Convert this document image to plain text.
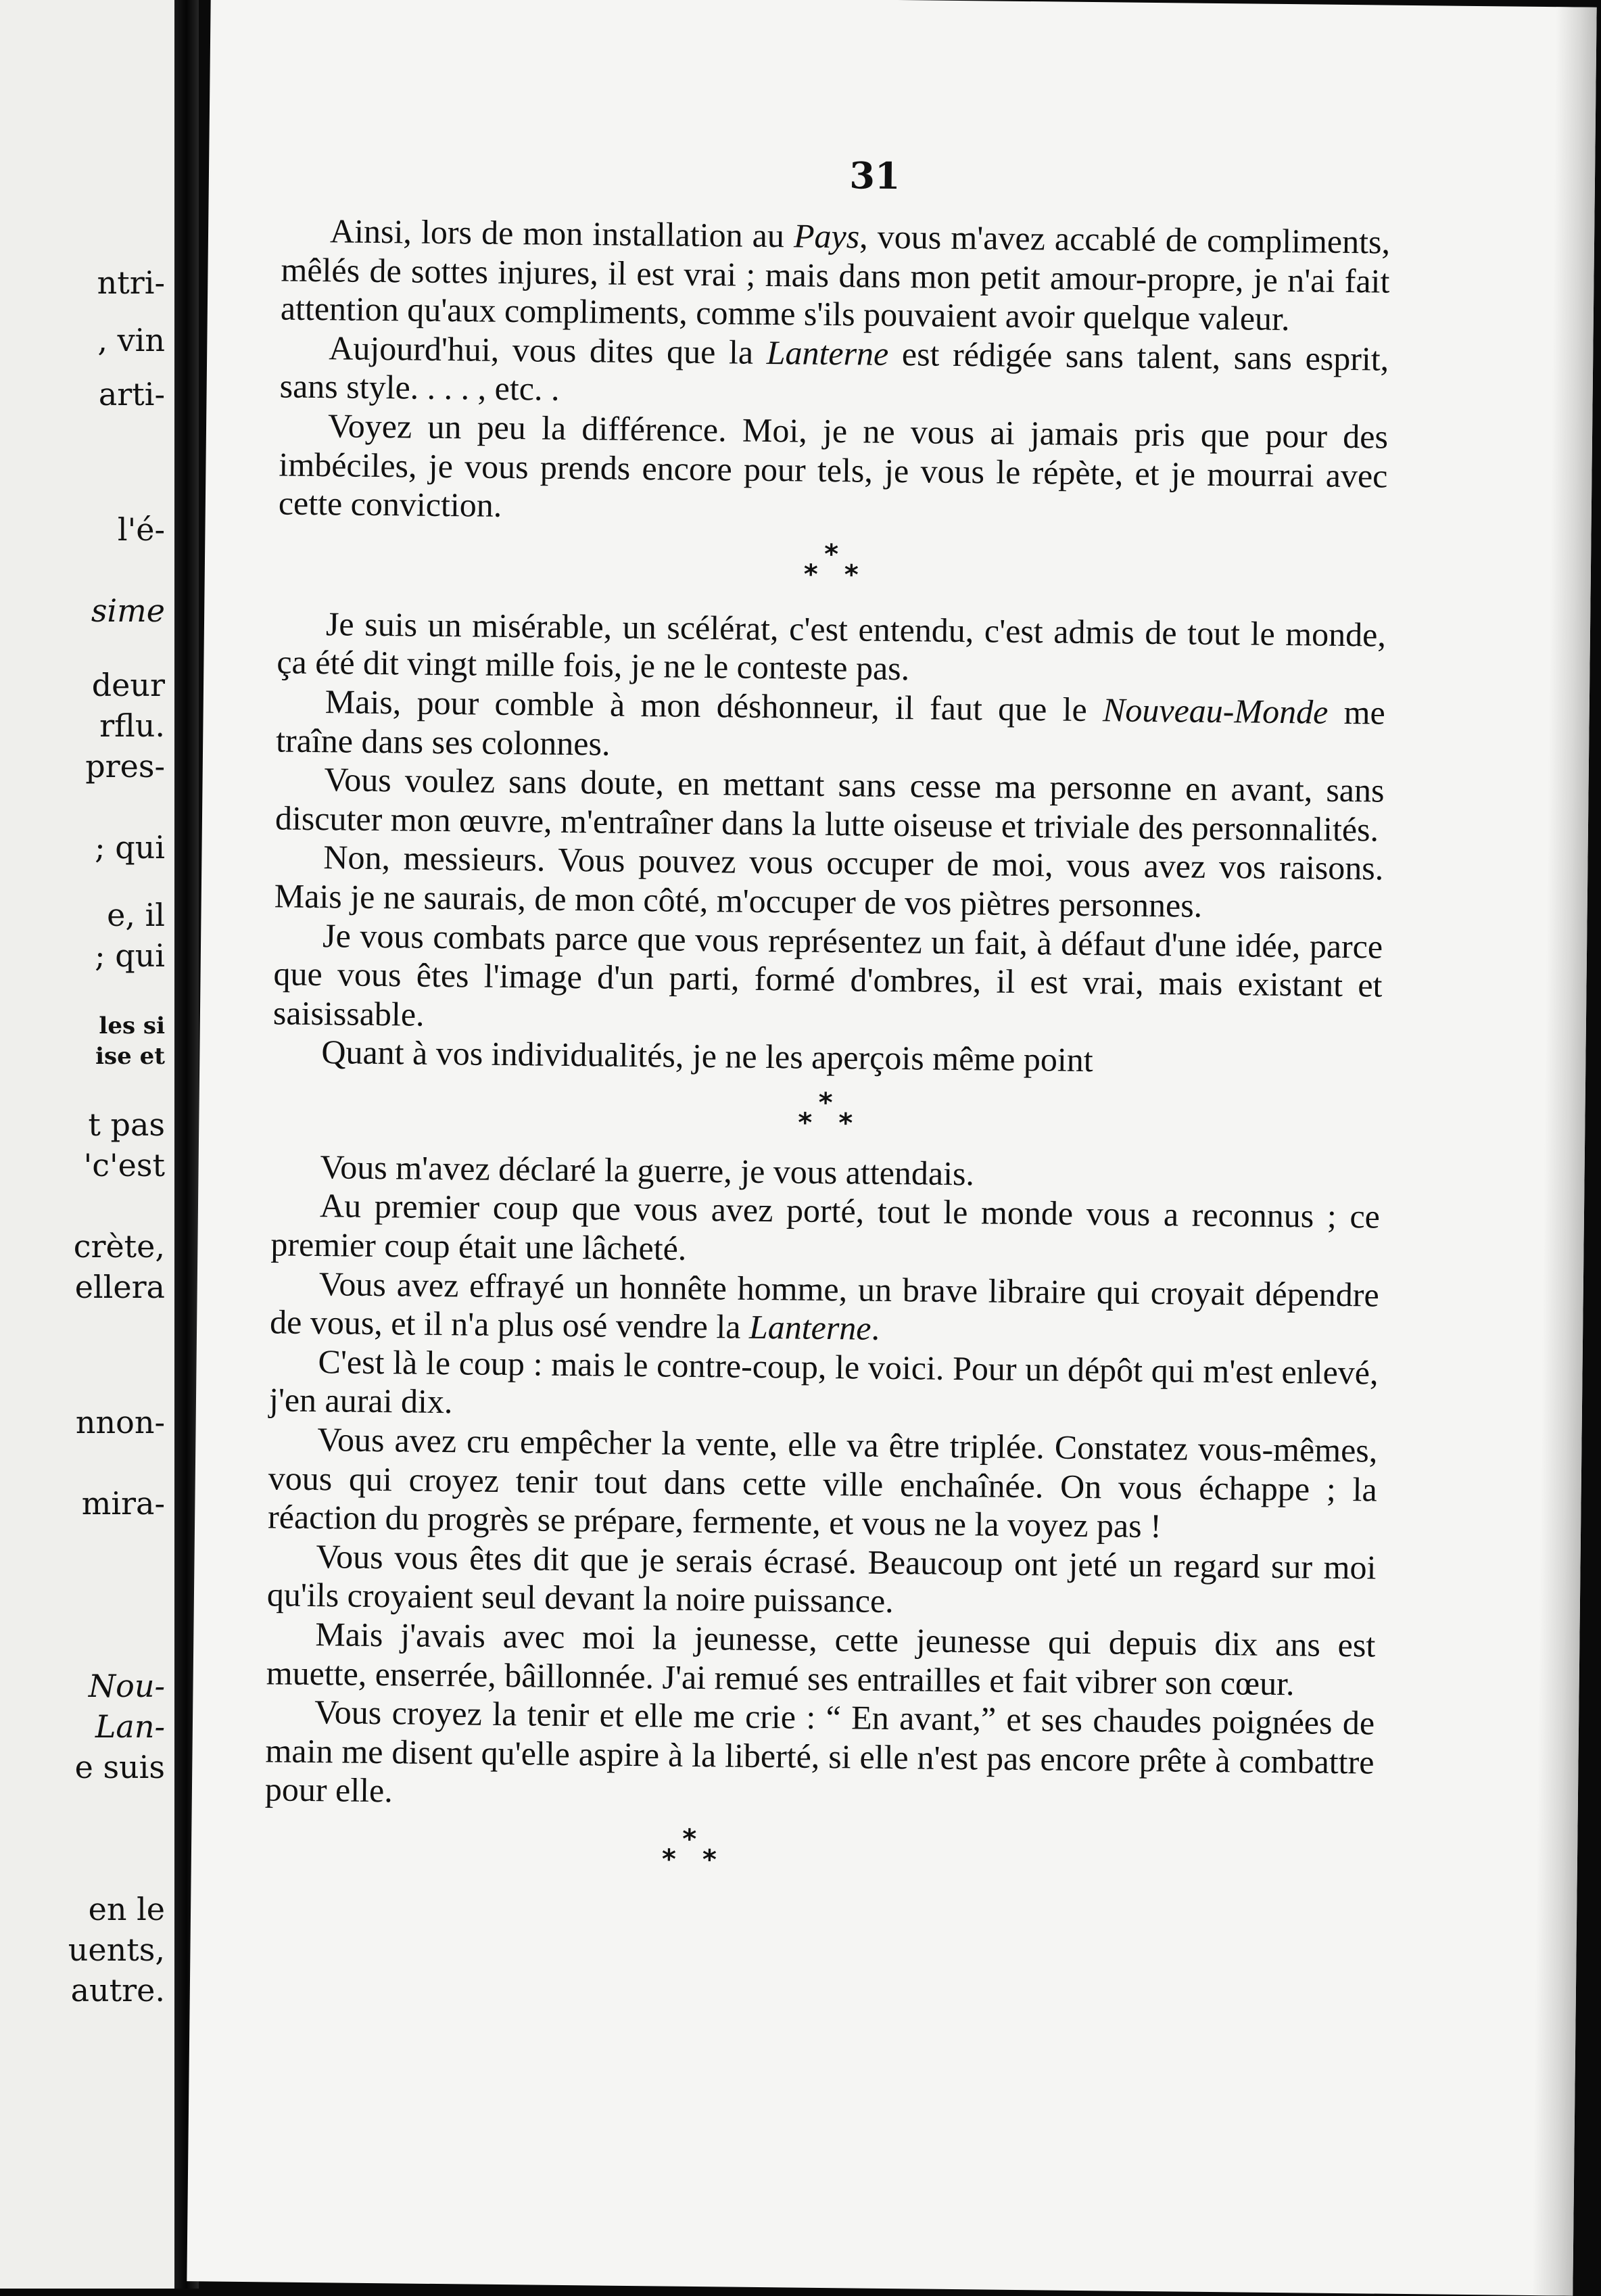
ntri-
, vin
arti-
l'é-
sime
deur
rflu.
pres-
; qui
e, il
; qui
les si
ise et
t pas
'c'est
crète,
ellera
nnon-
mira-
Nou-
Lan-
e suis
en le
uents,
autre.
31

Ainsi, lors de mon installation au Pays, vous m'avez accablé de compliments, mêlés de sottes injures, il est vrai ; mais dans mon petit amour-propre, je n'ai fait attention qu'aux compliments, comme s'ils pouvaient avoir quelque valeur.

Aujourd'hui, vous dites que la Lanterne est rédigée sans talent, sans esprit, sans style. . . . , etc. .

Voyez un peu la différence. Moi, je ne vous ai jamais pris que pour des imbéciles, je vous prends encore pour tels, je vous le répète, et je mourrai avec cette conviction.

*
* *

Je suis un misérable, un scélérat, c'est entendu, c'est admis de tout le monde, ça été dit vingt mille fois, je ne le conteste pas.

Mais, pour comble à mon déshonneur, il faut que le Nouveau-Monde me traîne dans ses colonnes.

Vous voulez sans doute, en mettant sans cesse ma personne en avant, sans discuter mon œuvre, m'entraîner dans la lutte oiseuse et triviale des personnalités.

Non, messieurs. Vous pouvez vous occuper de moi, vous avez vos raisons. Mais je ne saurais, de mon côté, m'occuper de vos piètres personnes.

Je vous combats parce que vous représentez un fait, à défaut d'une idée, parce que vous êtes l'image d'un parti, formé d'ombres, il est vrai, mais existant et saisissable.

Quant à vos individualités, je ne les aperçois même point

*
* *

Vous m'avez déclaré la guerre, je vous attendais.

Au premier coup que vous avez porté, tout le monde vous a reconnus ; ce premier coup était une lâcheté.

Vous avez effrayé un honnête homme, un brave libraire qui croyait dépendre de vous, et il n'a plus osé vendre la Lanterne.

C'est là le coup : mais le contre-coup, le voici. Pour un dépôt qui m'est enlevé, j'en aurai dix.

Vous avez cru empêcher la vente, elle va être triplée. Constatez vous-mêmes, vous qui croyez tenir tout dans cette ville enchaînée. On vous échappe ; la réaction du progrès se prépare, fermente, et vous ne la voyez pas !

Vous vous êtes dit que je serais écrasé. Beaucoup ont jeté un regard sur moi qu'ils croyaient seul devant la noire puissance.

Mais j'avais avec moi la jeunesse, cette jeunesse qui depuis dix ans est muette, enserrée, bâillonnée. J'ai remué ses entrailles et fait vibrer son cœur.

Vous croyez la tenir et elle me crie : “ En avant,” et ses chaudes poignées de main me disent qu'elle aspire à la liberté, si elle n'est pas encore prête à combattre pour elle.

*
* *
